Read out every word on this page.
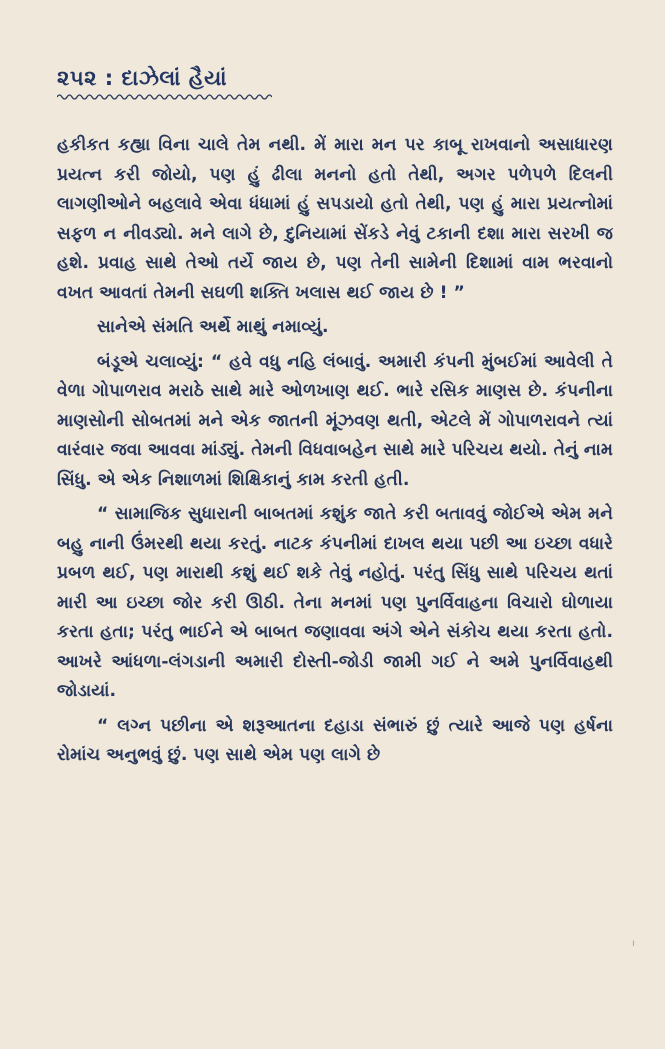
૨૫૨ : દાઝેલાં હૈયાં

હકીકત કહ્યા વિના ચાલે તેમ નથી. મેં મારા મન પર કાબૂ રાખવાનો અસાધારણ પ્રયત્ન કરી જોયો, પણ હું ઢીલા મનનો હતો તેથી, અગર પળેપળે દિલની લાગણીઓને બહલાવે એવા ધંધામાં હું સપડાયો હતો તેથી, પણ હું મારા પ્રયત્નોમાં સફળ ન નીવડ્યો. મને લાગે છે, દુનિયામાં સેંકડે નેવું ટકાની દશા મારા સરખી જ હશે. પ્રવાહ સાથે તેઓ તર્યે જાય છે, પણ તેની સામેની દિશામાં વામ ભરવાનો વખત આવતાં તેમની સઘળી શક્તિ ખલાસ થઈ જાય છે ! ”

સાનેએ સંમતિ અર્થે માથું નમાવ્યું.

બંડૂએ ચલાવ્યું: “ હવે વધુ નહિ લંબાવું. અમારી કંપની મુંબઈમાં આવેલી તે વેળા ગોપાળરાવ મરાઠે સાથે મારે ઓળખાણ થઈ. ભારે રસિક માણસ છે. કંપનીના માણસોની સોબતમાં મને એક જાતની મૂંઝવણ થતી, એટલે મેં ગોપાળરાવને ત્યાં વારંવાર જવા આવવા માંડ્યું. તેમની વિધવાબહેન સાથે મારે પરિચય થયો. તેનું નામ સિંધુ. એ એક નિશાળમાં શિક્ષિકાનું કામ કરતી હતી.

“ સામાજિક સુધારાની બાબતમાં કશુંક જાતે કરી બતાવવું જોઈએ એમ મને બહુ નાની ઉંમરથી થયા કરતું. નાટક કંપનીમાં દાખલ થયા પછી આ ઇચ્છા વધારે પ્રબળ થઈ, પણ મારાથી કશું થઈ શકે તેવું નહોતું. પરંતુ સિંધુ સાથે પરિચય થતાં મારી આ ઇચ્છા જોર કરી ઊઠી. તેના મનમાં પણ પુનર્વિવાહના વિચારો ઘોળાયા કરતા હતા; પરંતુ ભાઈને એ બાબત જણાવવા અંગે એને સંકોચ થયા કરતા હતો. આખરે આંધળા-લંગડાની અમારી દોસ્તી-જોડી જામી ગઈ ને અમે પુનર્વિવાહથી જોડાયાં.

“ લગ્ન પછીના એ શરૂઆતના દહાડા સંભારું છું ત્યારે આજે પણ હર્ષના રોમાંચ અનુભવું છું. પણ સાથે એમ પણ લાગે છે

ı
